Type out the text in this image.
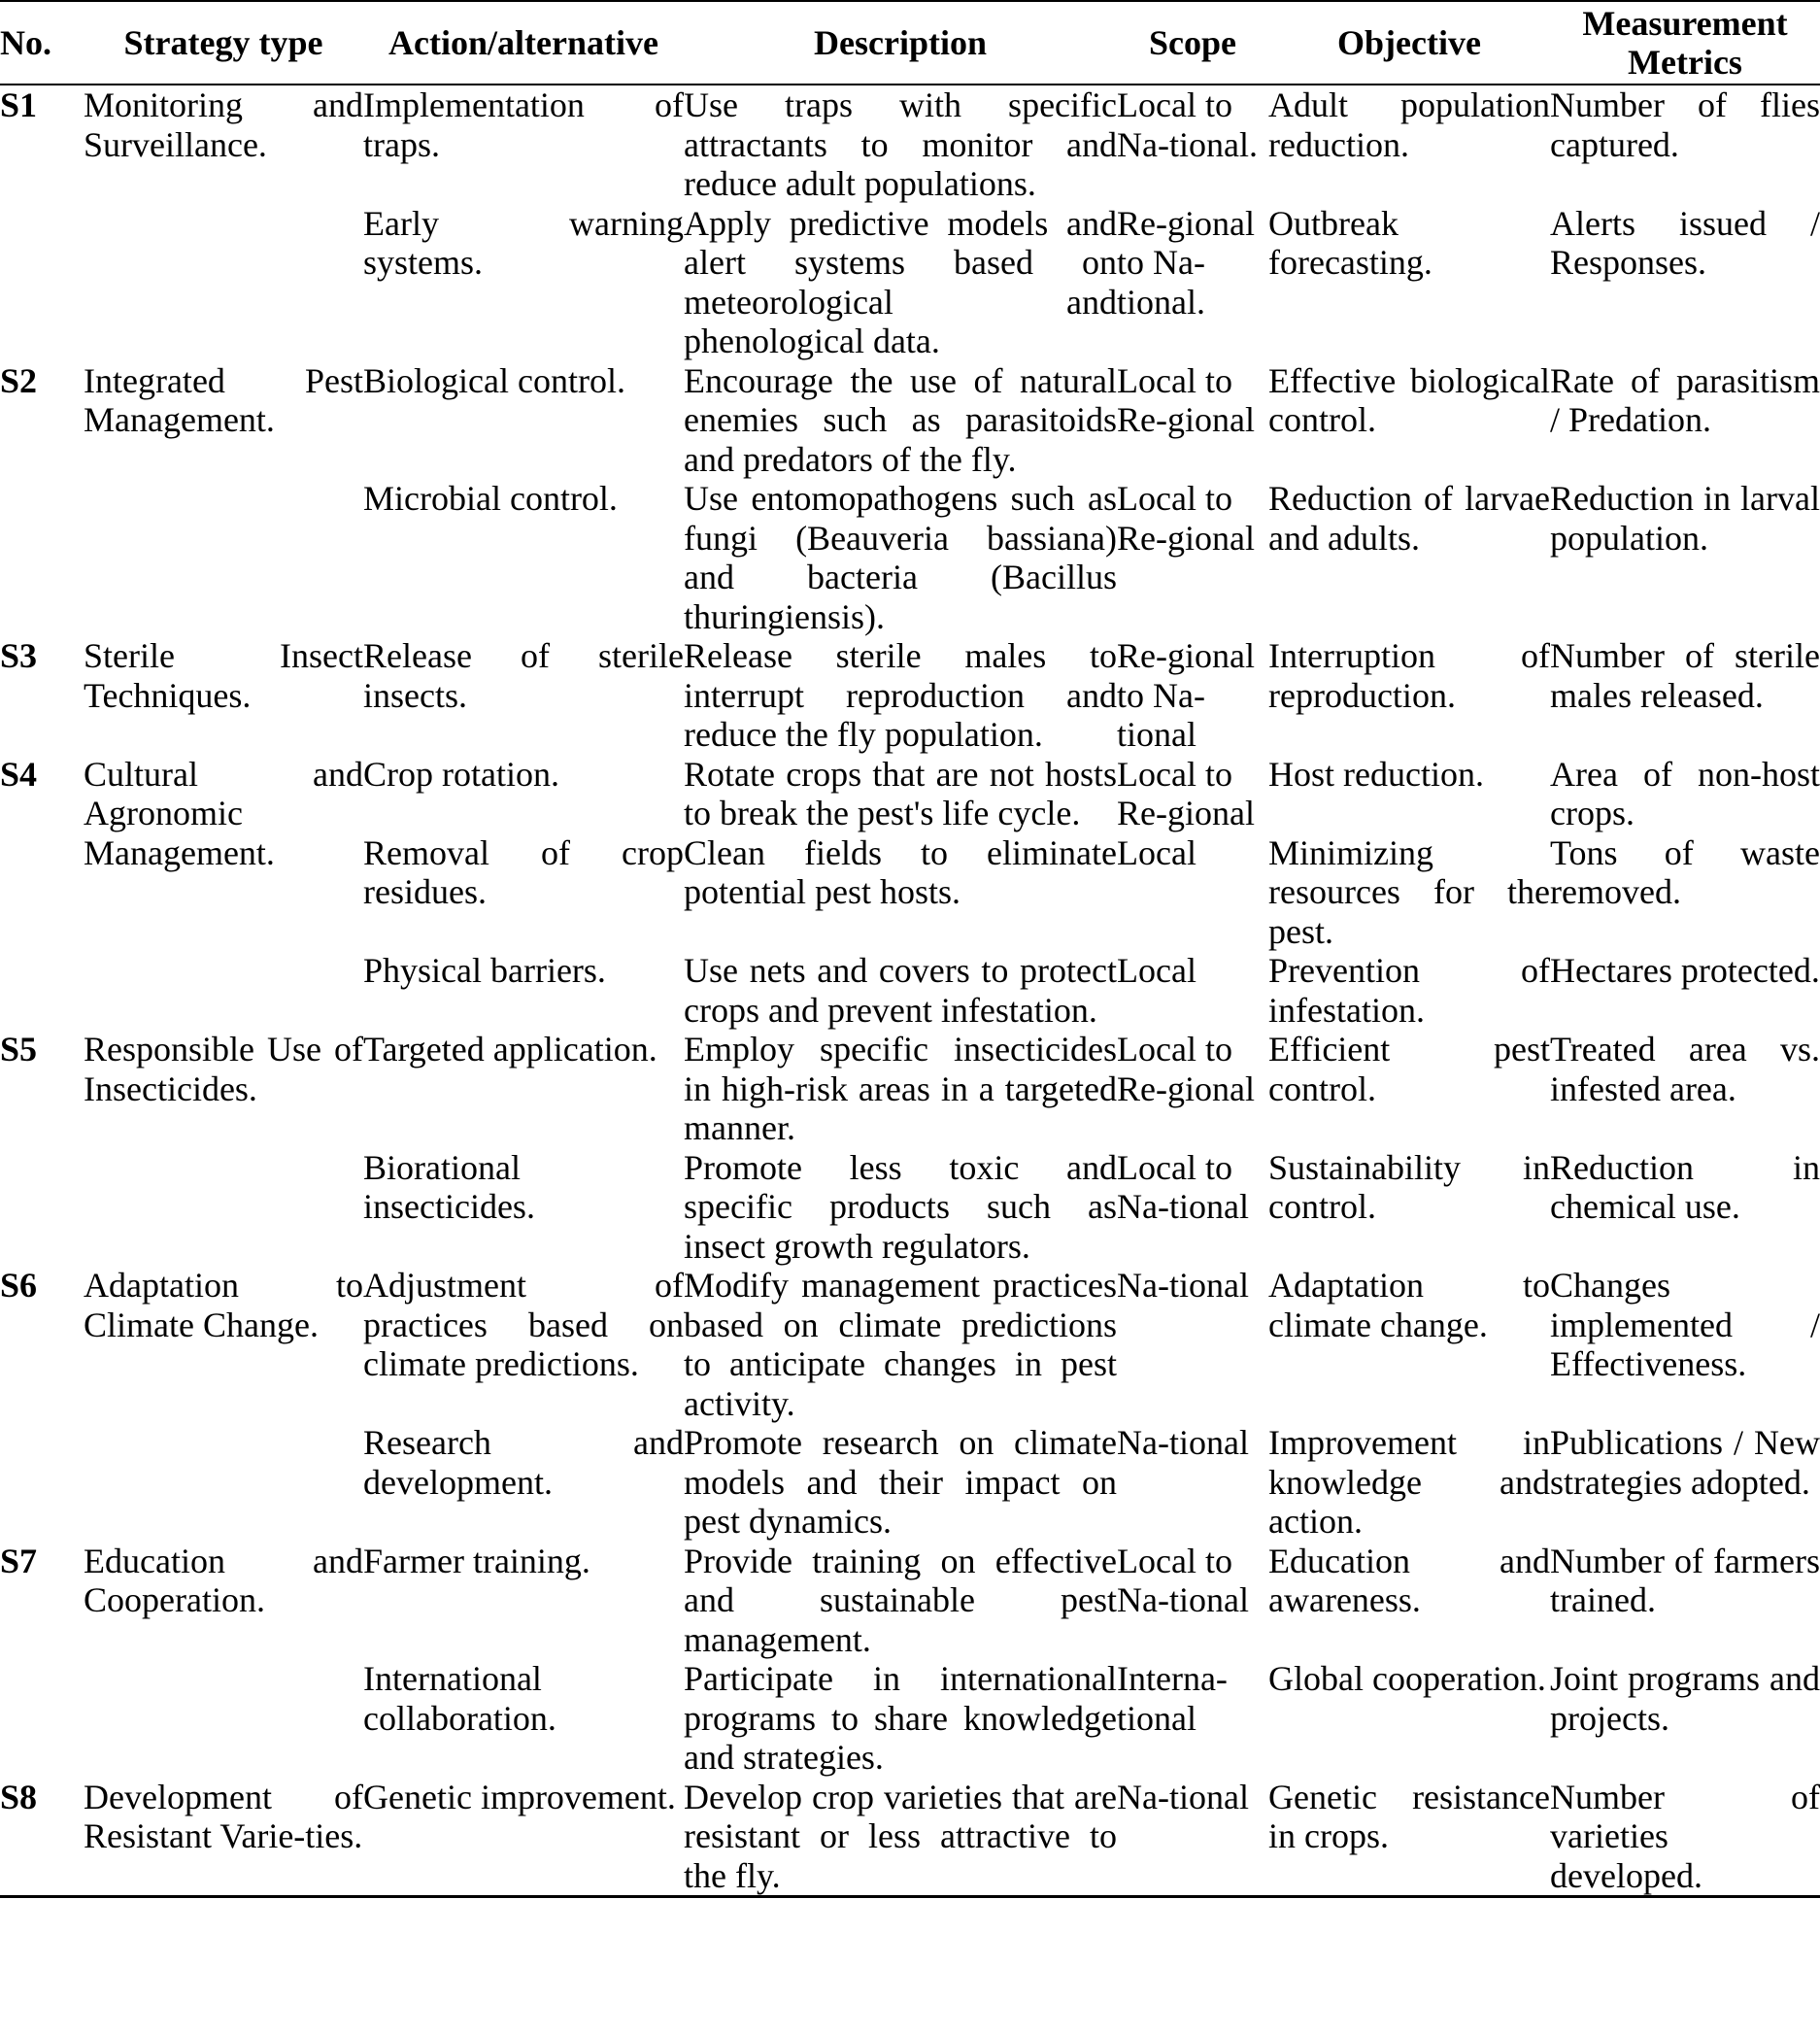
No.	Strategy type	Action/alternative	Description	Scope	Objective	Measurement Metrics
S1	Monitoring and Surveillance.	Implementation of traps.	Use traps with specific attractants to monitor and reduce adult populations.	Local to Na-tional.	Adult population reduction.	Number of flies captured.
		Early warning systems.	Apply predictive models and alert systems based on meteorological and phenological data.	Re-gional to Na-tional.	Outbreak forecasting.	Alerts issued / Responses.
S2	Integrated Pest Management.	Biological control.	Encourage the use of natural enemies such as parasitoids and predators of the fly.	Local to Re-gional	Effective biological control.	Rate of parasitism / Predation.
		Microbial control.	Use entomopathogens such as fungi (Beauveria bassiana) and bacteria (Bacillus thuringiensis).	Local to Re-gional	Reduction of larvae and adults.	Reduction in larval population.
S3	Sterile Insect Techniques.	Release of sterile insects.	Release sterile males to interrupt reproduction and reduce the fly population.	Re-gional to Na-tional	Interruption of reproduction.	Number of sterile males released.
S4	Cultural and Agronomic Management.	Crop rotation.	Rotate crops that are not hosts to break the pest's life cycle.	Local to Re-gional	Host reduction.	Area of non-host crops.
		Removal of crop residues.	Clean fields to eliminate potential pest hosts.	Local	Minimizing resources for the pest.	Tons of waste removed.
		Physical barriers.	Use nets and covers to protect crops and prevent infestation.	Local	Prevention of infestation.	Hectares protected.
S5	Responsible Use of Insecticides.	Targeted application.	Employ specific insecticides in high-risk areas in a targeted manner.	Local to Re-gional	Efficient pest control.	Treated area vs. infested area.
		Biorational insecticides.	Promote less toxic and specific products such as insect growth regulators.	Local to Na-tional	Sustainability in control.	Reduction in chemical use.
S6	Adaptation to Climate Change.	Adjustment of practices based on climate predictions.	Modify management practices based on climate predictions to anticipate changes in pest activity.	Na-tional	Adaptation to climate change.	Changes implemented / Effectiveness.
		Research and development.	Promote research on climate models and their impact on pest dynamics.	Na-tional	Improvement in knowledge and action.	Publications / New strategies adopted.
S7	Education and Cooperation.	Farmer training.	Provide training on effective and sustainable pest management.	Local to Na-tional	Education and awareness.	Number of farmers trained.
		International collaboration.	Participate in international programs to share knowledge and strategies.	Interna-tional	Global cooperation.	Joint programs and projects.
S8	Development of Resistant Varie-ties.	Genetic improvement.	Develop crop varieties that are resistant or less attractive to the fly.	Na-tional	Genetic resistance in crops.	Number of varieties developed.
